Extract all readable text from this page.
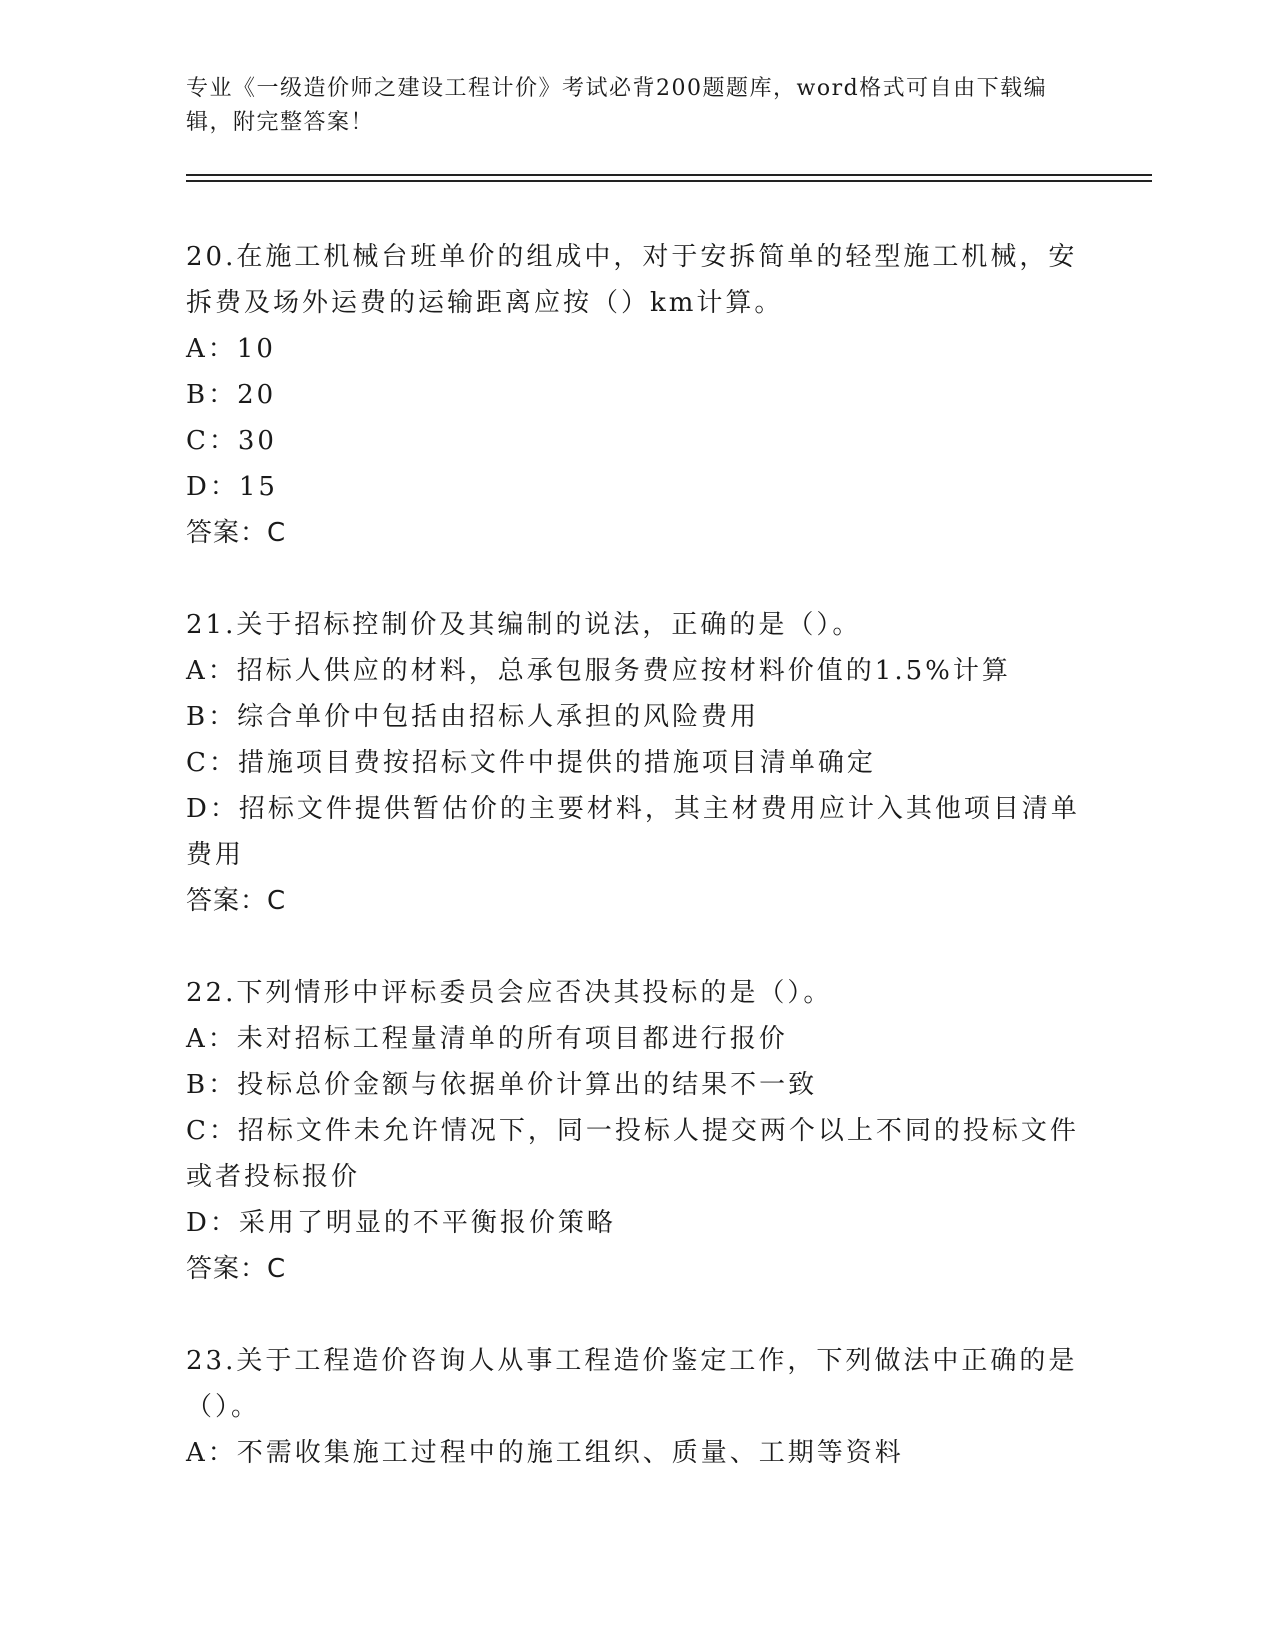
专业《一级造价师之建设工程计价》考试必背200题题库，word格式可自由下载编辑，附完整答案！
20.在施工机械台班单价的组成中，对于安拆简单的轻型施工机械，安拆费及场外运费的运输距离应按（）km计算。
A：10
B：20
C：30
D：15
答案：C
21.关于招标控制价及其编制的说法，正确的是（）。
A：招标人供应的材料，总承包服务费应按材料价值的1.5%计算
B：综合单价中包括由招标人承担的风险费用
C：措施项目费按招标文件中提供的措施项目清单确定
D：招标文件提供暂估价的主要材料，其主材费用应计入其他项目清单费用
答案：C
22.下列情形中评标委员会应否决其投标的是（）。
A：未对招标工程量清单的所有项目都进行报价
B：投标总价金额与依据单价计算出的结果不一致
C：招标文件未允许情况下，同一投标人提交两个以上不同的投标文件或者投标报价
D：采用了明显的不平衡报价策略
答案：C
23.关于工程造价咨询人从事工程造价鉴定工作，下列做法中正确的是（）。
A：不需收集施工过程中的施工组织、质量、工期等资料
